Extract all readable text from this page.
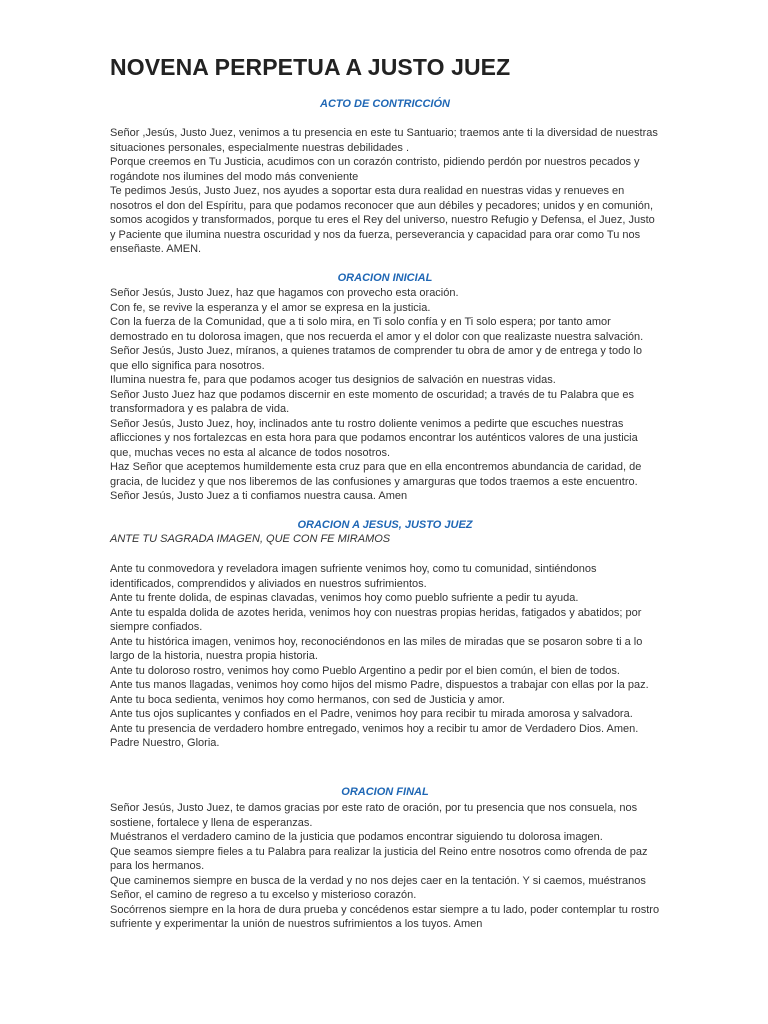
NOVENA PERPETUA A JUSTO JUEZ
ACTO DE CONTRICCIÓN
Señor ,Jesús, Justo Juez, venimos a tu presencia en este tu Santuario; traemos ante ti la diversidad de nuestras
situaciones personales, especialmente nuestras debilidades .
Porque creemos en Tu Justicia, acudimos con un corazón contristo, pidiendo perdón por nuestros pecados y
rogándote nos ilumines del modo más conveniente
Te pedimos Jesús, Justo Juez, nos ayudes a soportar esta dura realidad en nuestras vidas y renueves en
nosotros el don del Espíritu, para que podamos reconocer que aun débiles y pecadores; unidos y en comunión,
somos acogidos y transformados, porque tu eres el Rey del universo, nuestro Refugio y Defensa, el Juez, Justo
y Paciente que ilumina nuestra oscuridad y nos da fuerza, perseverancia y capacidad para orar como Tu nos
enseñaste. AMEN.
ORACION INICIAL
Señor Jesús, Justo Juez, haz que hagamos con provecho esta oración.
Con fe, se revive la esperanza y el amor se expresa en la justicia.
Con la fuerza de la Comunidad, que a ti solo mira, en Ti solo confía y en Ti solo espera; por tanto amor
demostrado en tu dolorosa imagen, que nos recuerda el amor y el dolor con que realizaste nuestra salvación.
Señor Jesús, Justo Juez, míranos, a quienes tratamos de comprender tu obra de amor y de entrega y todo lo
que ello significa para nosotros.
Ilumina nuestra fe, para que podamos acoger tus designios de salvación en nuestras vidas.
Señor Justo Juez haz que podamos discernir en este momento de oscuridad; a través de tu Palabra que es
transformadora y es palabra de vida.
Señor Jesús, Justo Juez, hoy, inclinados ante tu rostro doliente venimos a pedirte que escuches nuestras
aflicciones y nos fortalezcas en esta hora para que podamos encontrar los auténticos valores de una justicia
que, muchas veces no esta al alcance de todos nosotros.
Haz Señor que aceptemos humildemente esta cruz para que en ella encontremos abundancia de caridad, de
gracia, de lucidez y que nos liberemos de las confusiones y amarguras que todos traemos a este encuentro.
Señor Jesús, Justo Juez a ti confiamos nuestra causa. Amen
ORACION A JESUS, JUSTO JUEZ

ANTE TU SAGRADA IMAGEN, QUE CON FE MIRAMOS

Ante tu conmovedora y reveladora imagen sufriente venimos hoy, como tu comunidad, sintiéndonos
identificados, comprendidos y aliviados en nuestros sufrimientos.
Ante tu frente dolida, de espinas clavadas, venimos hoy como pueblo sufriente a pedir tu ayuda.
Ante tu espalda dolida de azotes herida, venimos hoy con nuestras propias heridas, fatigados y abatidos; por
siempre confiados.
Ante tu histórica imagen, venimos hoy, reconociéndonos en las miles de miradas que se posaron sobre ti a lo
largo de la historia, nuestra propia historia.
Ante tu doloroso rostro, venimos hoy como Pueblo Argentino a pedir por el bien común, el bien de todos.
Ante tus manos llagadas, venimos hoy como hijos del mismo Padre, dispuestos a trabajar con ellas por la paz.
Ante tu boca sedienta, venimos hoy como hermanos, con sed de Justicia y amor.
Ante tus ojos suplicantes y confiados en el Padre, venimos hoy para recibir tu mirada amorosa y salvadora.
Ante tu presencia de verdadero hombre entregado, venimos hoy a recibir tu amor de Verdadero Dios. Amen.
Padre Nuestro, Gloria.
ORACION FINAL
Señor Jesús, Justo Juez, te damos gracias por este rato de oración, por tu presencia que nos consuela, nos
sostiene, fortalece y llena de esperanzas.
Muéstranos el verdadero camino de la justicia que podamos encontrar siguiendo tu dolorosa imagen.
Que seamos siempre fieles a tu Palabra para realizar la justicia del Reino entre nosotros como ofrenda de paz
para los hermanos.
Que caminemos siempre en busca de la verdad y no nos dejes caer en la tentación. Y si caemos, muéstranos
Señor, el camino de regreso a tu excelso y misterioso corazón.
Socórrenos siempre en la hora de dura prueba y concédenos estar siempre a tu lado, poder contemplar tu rostro
sufriente y experimentar la unión de nuestros sufrimientos a los tuyos. Amen
